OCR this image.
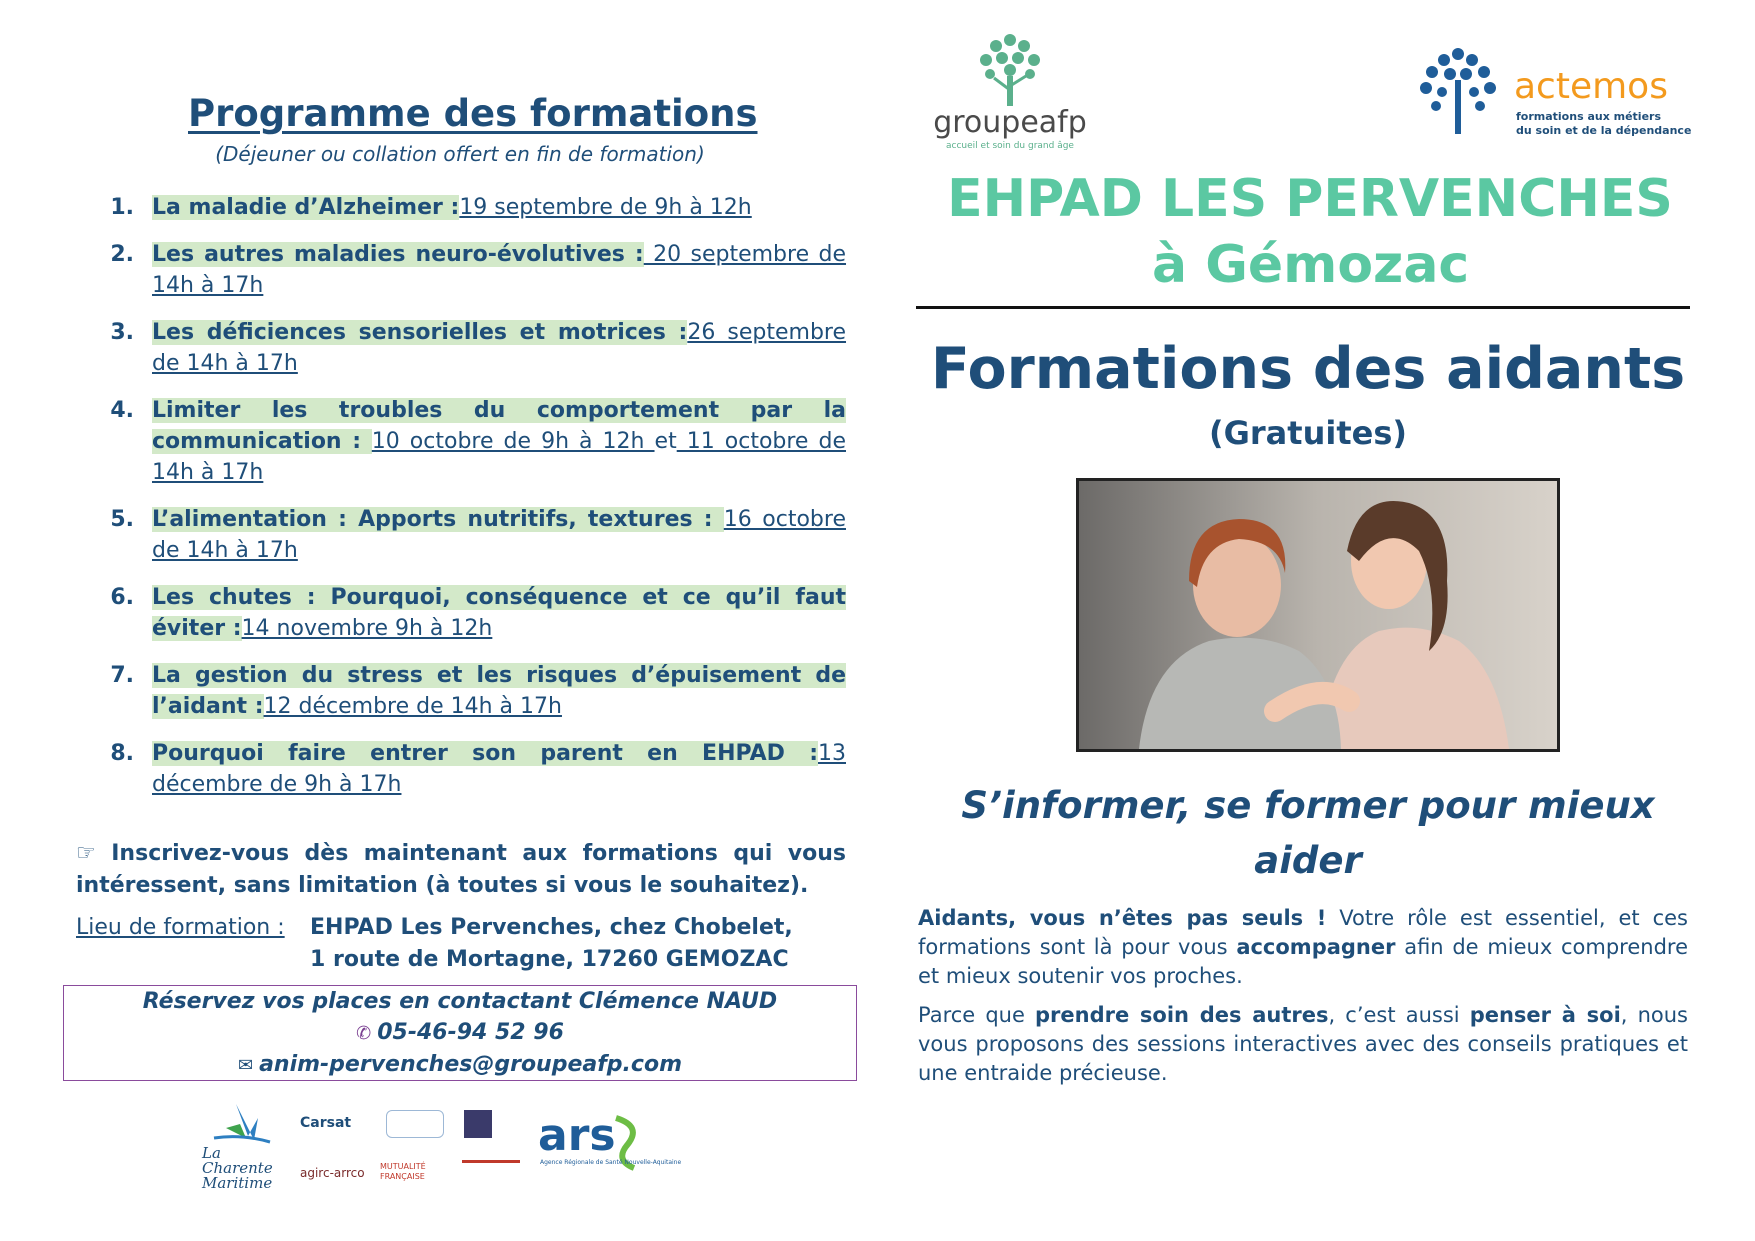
Programme des formations
(Déjeuner ou collation offert en fin de formation)
1. La maladie d’Alzheimer :19 septembre de 9h à 12h
2. Les autres maladies neuro-évolutives : 20 septembre de 14h à 17h
3. Les déficiences sensorielles et motrices :26 septembre de 14h à 17h
4. Limiter les troubles du comportement par la communication : 10 octobre de 9h à 12h et 11 octobre de 14h à 17h
5. L’alimentation : Apports nutritifs, textures : 16 octobre de 14h à 17h
6. Les chutes : Pourquoi, conséquence et ce qu’il faut éviter :14 novembre 9h à 12h
7. La gestion du stress et les risques d’épuisement de l’aidant :12 décembre de 14h à 17h
8. Pourquoi faire entrer son parent en EHPAD :13 décembre de 9h à 17h
☞ Inscrivez-vous dès maintenant aux formations qui vous intéressent, sans limitation (à toutes si vous le souhaitez).
Lieu de formation : EHPAD Les Pervenches, chez Chobelet,
1 route de Mortagne, 17260 GEMOZAC
Réservez vos places en contactant Clémence NAUD
✆ 05-46-94 52 96
✉ anim-pervenches@groupeafp.com
La
Charente
Maritime
Carsat
agirc-arrco MUTUALITÉ FRANÇAISE
ars
Agence Régionale de Santé Nouvelle-Aquitaine
groupeafp
accueil et soin du grand âge
actemos
formations aux métiers
du soin et de la dépendance
EHPAD LES PERVENCHES
à Gémozac
Formations des aidants
(Gratuites)
S’informer, se former pour mieux
aider
Aidants, vous n’êtes pas seuls ! Votre rôle est essentiel, et ces formations sont là pour vous accompagner afin de mieux comprendre et mieux soutenir vos proches.
Parce que prendre soin des autres, c’est aussi penser à soi, nous vous proposons des sessions interactives avec des conseils pratiques et une entraide précieuse.
